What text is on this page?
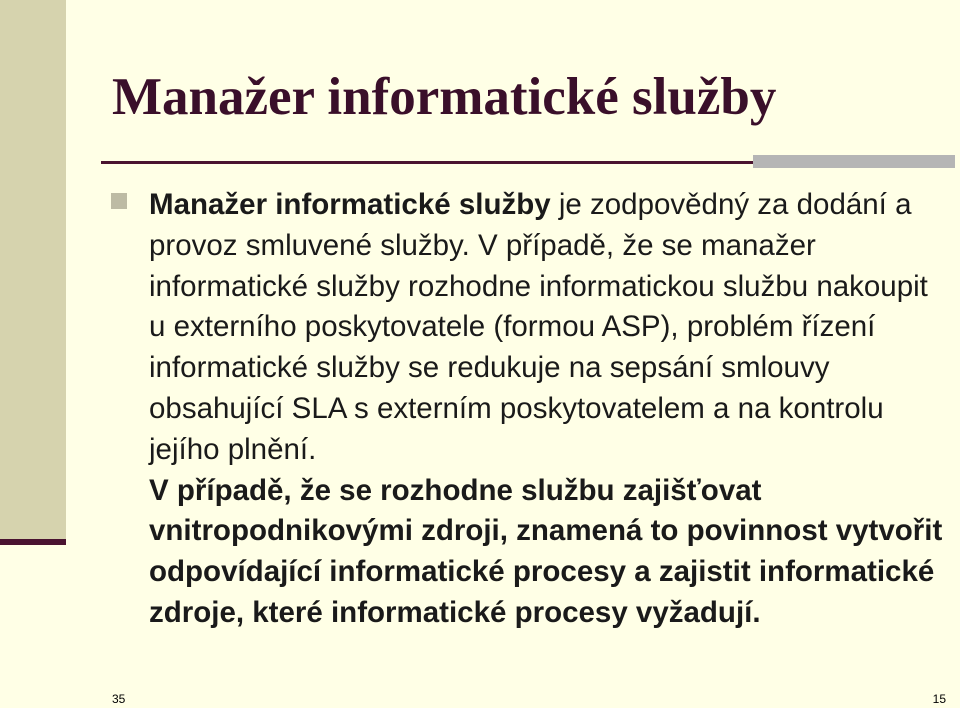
Manažer informatické služby
Manažer informatické služby je zodpovědný za dodání a provoz smluvené služby. V případě, že se manažer informatické služby rozhodne informatickou službu nakoupit u externího poskytovatele (formou ASP), problém řízení informatické služby se redukuje na sepsání smlouvy obsahující SLA s externím poskytovatelem a na kontrolu jejího plnění.
V případě, že se rozhodne službu zajišťovat vnitropodnikovými zdroji, znamená to povinnost vytvořit odpovídající informatické procesy a zajistit informatické zdroje, které informatické procesy vyžadují.
35	15
